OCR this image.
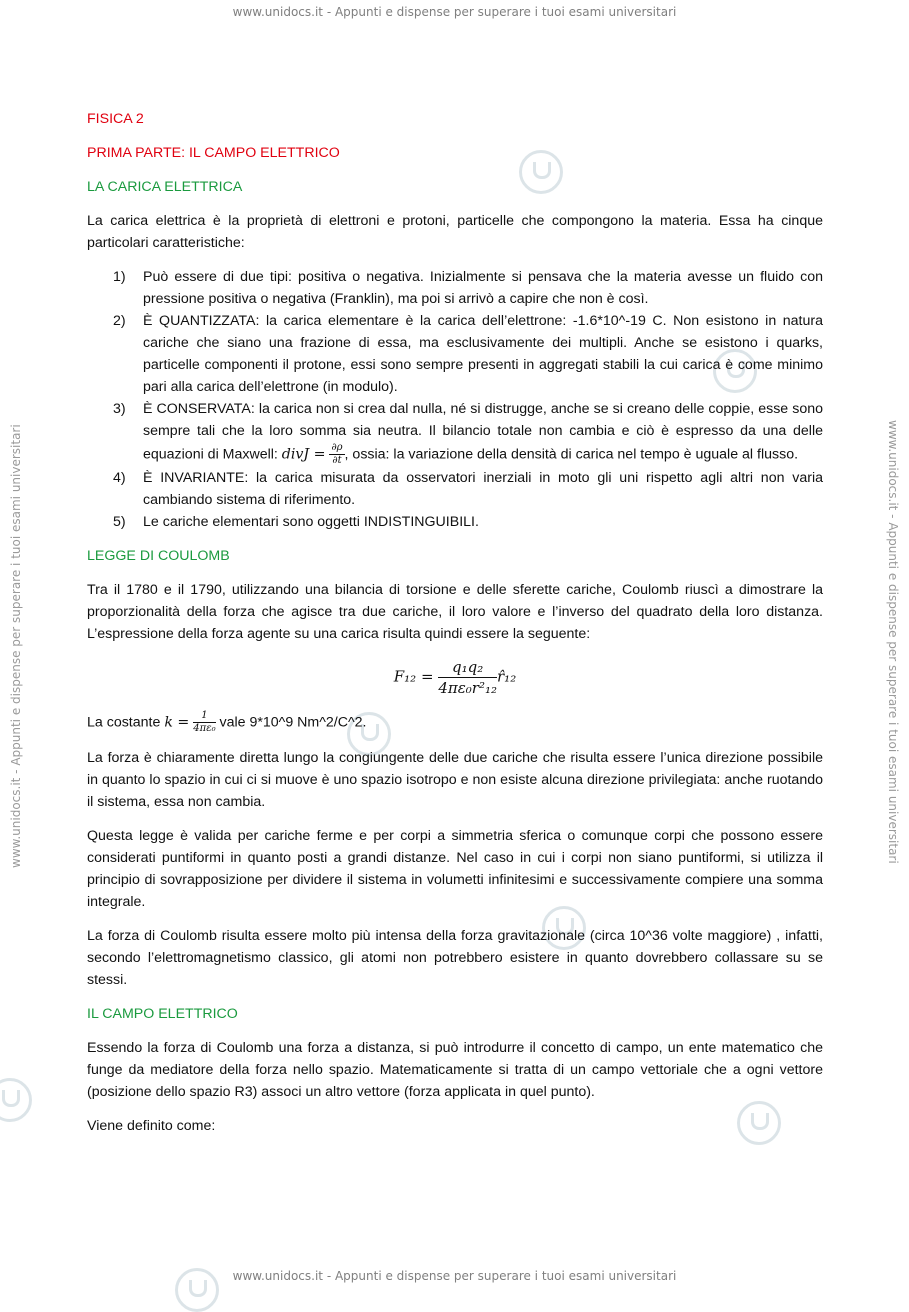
www.unidocs.it - Appunti e dispense per superare i tuoi esami universitari
www.unidocs.it - Appunti e dispense per superare i tuoi esami universitari
www.unidocs.it - Appunti e dispense per superare i tuoi esami universitari	www.unidocs.it - Appunti e dispense per superare i tuoi esami universitari
FISICA 2
PRIMA PARTE: IL CAMPO ELETTRICO
LA CARICA ELETTRICA

La carica elettrica è la proprietà di elettroni e protoni, particelle che compongono la materia. Essa ha cinque particolari caratteristiche:

1) Può essere di due tipi: positiva o negativa. Inizialmente si pensava che la materia avesse un fluido con pressione positiva o negativa (Franklin), ma poi si arrivò a capire che non è così.
2) È QUANTIZZATA: la carica elementare è la carica dell’elettrone: -1.6*10^-19 C. Non esistono in natura cariche che siano una frazione di essa, ma esclusivamente dei multipli. Anche se esistono i quarks, particelle componenti il protone, essi sono sempre presenti in aggregati stabili la cui carica è come minimo pari alla carica dell’elettrone (in modulo).
3) È CONSERVATA: la carica non si crea dal nulla, né si distrugge, anche se si creano delle coppie, esse sono sempre tali che la loro somma sia neutra. Il bilancio totale non cambia e ciò è espresso da una delle equazioni di Maxwell: divJ = $\frac{\partial\rho}{\partial t}$ , ossia: la variazione della densità di carica nel tempo è uguale al flusso.
4) È INVARIANTE: la carica misurata da osservatori inerziali in moto gli uni rispetto agli altri non varia cambiando sistema di riferimento.
5) Le cariche elementari sono oggetti INDISTINGUIBILI.
LEGGE DI COULOMB

Tra il 1780 e il 1790, utilizzando una bilancia di torsione e delle sferette cariche, Coulomb riuscì a dimostrare la proporzionalità della forza che agisce tra due cariche, il loro valore e l’inverso del quadrato della loro distanza. L’espressione della forza agente su una carica risulta quindi essere la seguente:

$F_{12} = \frac{\text{q₁q₂}}{\text{4πε₀r²₁₂}}$ r̂₁₂

La costante $k = \frac{1}{\text{4πε₀}}$ vale 9*10^9 Nm^2/C^2.

La forza è chiaramente diretta lungo la congiungente delle due cariche che risulta essere l’unica direzione possibile in quanto lo spazio in cui ci si muove è uno spazio isotropo e non esiste alcuna direzione privilegiata: anche ruotando il sistema, essa non cambia.

Questa legge è valida per cariche ferme e per corpi a simmetria sferica o comunque corpi che possono essere considerati puntiformi in quanto posti a grandi distanze. Nel caso in cui i corpi non siano puntiformi, si utilizza il principio di sovrapposizione per dividere il sistema in volumetti infinitesimi e successivamente compiere una somma integrale.

La forza di Coulomb risulta essere molto più intensa della forza gravitazionale (circa 10^36 volte maggiore) , infatti, secondo l’elettromagnetismo classico, gli atomi non potrebbero esistere in quanto dovrebbero collassare su se stessi.

IL CAMPO ELETTRICO

Essendo la forza di Coulomb una forza a distanza, si può introdurre il concetto di campo, un ente matematico che funge da mediatore della forza nello spazio. Matematicamente si tratta di un campo vettoriale che a ogni vettore (posizione dello spazio R3) associ un altro vettore (forza applicata in quel punto).

Viene definito come:
